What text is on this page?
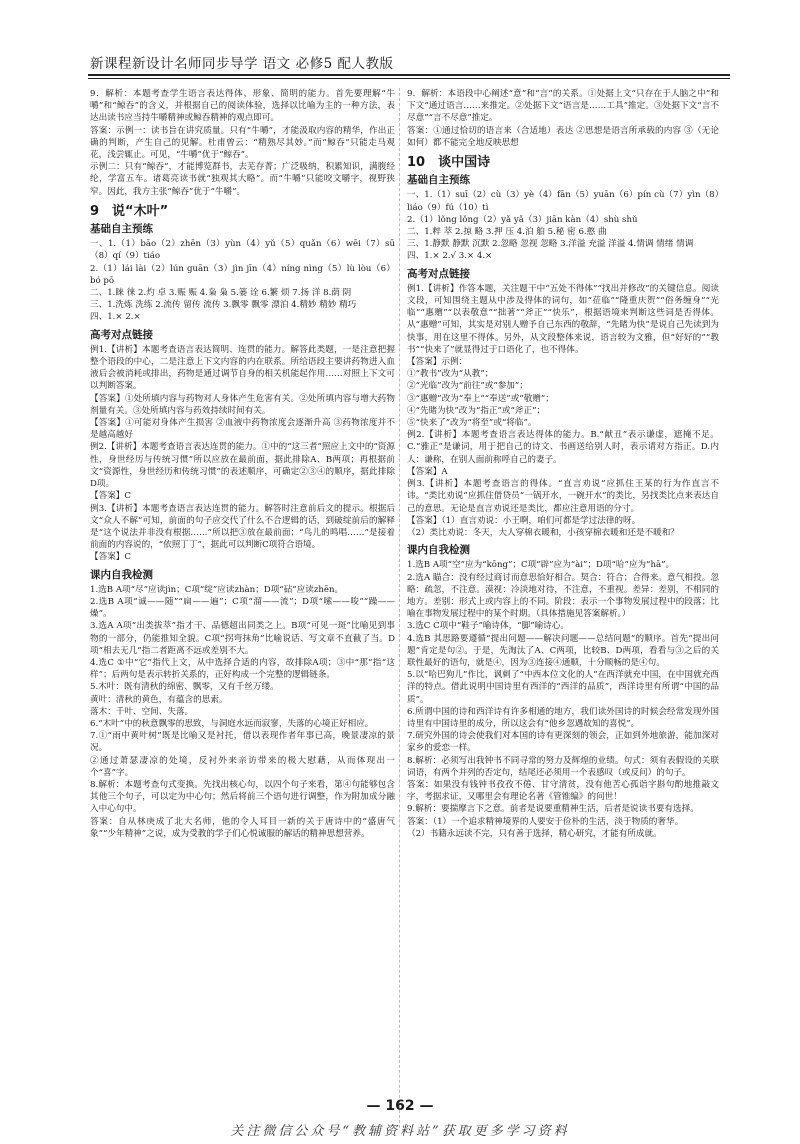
新课程新设计名师同步导学 语文 必修5 配人教版

9．解析：本题考查学生语言表达得体、形象、简明的能力。首先要理解“牛嚼”和“鲸吞”的含义，并根据自己的阅读体验，选择以比喻为主的一种方法，表达出读书应当持牛嚼精神或鲸吞精神的观点即可。

答案：示例一：读书旨在讲究质量。只有“牛嚼”，才能汲取内容的精华，作出正确的判断，产生自己的见解。杜甫曾云：“精熟尽其妙。”而“鲸吞”只能走马观花，浅尝辄止。可见，“牛嚼”优于“鲸吞”。

示例二：只有“鲸吞”，才能博览群书，去芜存菁；广泛吸纳，积累知识，满腹经纶，学富五车。诸葛亮读书就“独观其大略”。而“牛嚼”只能咬文嚼字，视野狭窄。因此，我方主张“鲸吞”优于“牛嚼”。

9　说“木叶”

基础自主预练

一、1.（1）bāo（2）zhēn（3）yùn（4）yǔ（5）quǎn（6）wēi（7）sū（8）qí（9）tiáo

2.（1）lái lài（2）lún guān（3）jìn jīn（4）níng nìng（5）lù lòu（6）bó pō

二、1.睐 徕 2.灼 卓 3.赈 赈 4.枭 枭 5.篓 诠 6.繁 烦 7.扬 洋 8.荫 阴

三、1.洗炼 洗练 2.流传 留传 流传 3.飘零 飘零 漂泊 4.精妙 精妙 精巧

四、1.× 2.×

高考对点链接

例1.【讲析】本题考查语言表达简明、连贯的能力。解答此类题，一是注意把握整个语段的中心，二是注意上下文内容的内在联系。所给语段主要讲药物进入血液后会被消耗或排出，药物是通过调节自身的相关机能起作用……对照上下文可以判断答案。

【答案】①处所填内容与药物对人身体产生危害有关。②处所填内容与增大药物剂量有关。③处所填内容与药效持续时间有关。

【答案】①可能对身体产生损害 ②血液中药物浓度会逐渐升高 ③药物浓度并不是越高越好

例2.【讲析】本题考查语言表达连贯的能力。①中的“这三者”照应上文中的“资源性，身世经历与传统习惯”所以应放在最前面，据此排除A、B两项；再根据前文“资源性，身世经历和传统习惯”的表述顺序，可确定②③④的顺序，据此排除D项。

【答案】C

例3.【讲析】本题考查语言表达连贯的能力。解答时注意前后文的提示。根据后文“众人不解”可知，前面的句子应交代了什么不合逻辑的话，到破绽前后的解释是“这个说法并非没有根据……”所以把③放在最前面；“鸟儿的鸣唱……”是接着前面的内容说的，“依照丁丁”，据此可以判断C项符合语境。

【答案】C

课内自我检测

1.选B A项“尽”应读jìn；C项“绽”应读zhàn；D项“砧”应读zhēn。

2.选B A项“诚——随”“扁——遍”；C项“溜——流”；D项“嗦——唆”“躁——燥”。

3.选A A项“出类拔萃”指才干、品德超出同类之上。B项“可见一斑”比喻见到事物的一部分，仍能推知全貌。C项“拐弯抹角”比喻说话、写文章不直截了当。D项“相去无几”指二者距离不远或差别不大。

4.选C ①中“它”指代上文，从中选择合适的内容，故排除A项；③中“那”指“这样”；后两句是表示转折关系的，正好构成一个完整的逻辑链条。

5.木叶：既有清秋的绵密、飘零，又有千丝万缕。

黄叶：清秋的黄色，有蕴含的思索。

落木：千叶、空间、失落。

6.“木叶”中的秋意飘零的思致，与洞庭水远而寂寥，失落的心境正好相应。

7.①“雨中黄叶树”既是比喻又是衬托，借以表现作者年事已高，晚景凄凉的景况。

②通过萧瑟凄凉的处境，反衬外来亲访带来的极大慰藉，从而体现出一个“喜”字。

8.解析：本题考查句式变换。先找出核心句，以四个句子来看，第④句能够包含其他三个句子，可以定为中心句；然后将前三个语句进行调整，作为附加成分融入中心句中。

答案：自从林庚成了北大名师，他的令人耳目一新的关于唐诗中的“盛唐气象”“少年精神”之说，成为受教的学子们心悦诚服的解话的精神思想营养。

9．解析：本语段中心阐述“意”和“言”的关系。①处据上文“只存在于人脑之中”和下文“通过语言……来推定。②处据下文“语言是……工具”推定。③处据下文“言不尽意”“言不尽意”推定。

答案：①通过恰切的语言来（合适地）表达 ②思想是语言所承载的内容 ③（无论如何）都不能完全地反映思想

10　谈中国诗

基础自主预练

一、1.（1）suī（2）cù（3）yè（4）fān（5）yuān（6）pín cù（7）yìn（8）liáo（9）fú（10）tì

2.（1）lǒng lǒng（2）yǎ yǎ（3）jiān kàn（4）shù shǔ

二、1.粹 萃 2.掠 略 3.押 压 4.泊 舶 5.秘 密 6.憨 曲

三、1.静默 静默 沉默 2.忽略 忽视 忽略 3.洋溢 充溢 洋溢 4.情调 情绪 情调

四、1.× 2.√ 3.× 4.×

高考对点链接

例1.【讲析】作答本题，关注题干中“五处不得体”“找出并修改”的关键信息。阅读文段，可知围绕主题从中涉及得体的词句，如“莅临”“隆重庆贺”“俗务缠身”“光临”“惠赠”“以表敬意”“拙著”“斧正”“快乐”，根据语境来判断这些词是否得体。从“惠赠”可知，其实是对别人赠予自己东西的敬辞，“先睹为快”是说自己先读到为快事，用在这里不得体。另外，从文段整体来说，语言较为文雅，但“好好的”“教书”“快来了”就显得过于口语化了，也不得体。

【答案】示例：

①“教书”改为“从教”；

②“光临”改为“前往”或“参加”；

③“惠赠”改为“奉上”“奉送”或“敬赠”；

④“先睹为快”改为“指正”或“斧正”；

⑤“快来了”改为“将至”或“将临”。

例2.【讲析】本题考查语言表达得体的能力。B.“献丑”表示谦虚，遮掩不足。C.“雅正”是谦词，用于把自己的诗文、书画送给别人时，表示请对方指正。D.内人：谦称，在别人面前称呼自己的妻子。

【答案】A

例3.【讲析】本题考查语言的得体。“直言劝说”应抓住王某的行为作直言不讳。“类比劝说”应抓住借贷员“一锅开水，一碗开水”的类比，另找类比点来表达自己的意思。无论是直言劝说还是类比，都应注意用语的分寸。

【答案】（1）直言劝说：小王啊，咱们可都是学过法律的呀。

（2）类比劝说：冬天，大人穿棉衣暖和，小孩穿棉衣暖和还是不暖和？

课内自我检测

1.选B A项“空”应为“kōng”；C项“辟”应为“ài”；D项“哈”应为“hā”。

2.选A 瞄合：没有经过商讨而意思恰好相合。契合：符合；合得来。意气相投。忽略：疏忽，不注意。漠视：冷淡地对待，不注意，不重视。差异：差别，不相同的地方。差别：形式上或内容上的不同。阶段：表示一个事物发展过程中的段落；比喻在事物发展过程中的某个时期。（具体措施见答案解析。）

3.选C C项中“鞋子”喻诗体，“脚”喻诗心。

4.选B 其思路要遵循“提出问题——解决问题——总结问题”的顺序。首先“提出问题”肯定是句②。于是，先淘汰了A、C两项，比较B、D两项，看看与③之后的关联性最好的语句，就是④，因为③连接④通顺，十分顺畅的是④句。

5.以“哈巴狗儿”作比，讽刺了“中西本位文化的人”在西洋就充中国，在中国就充西洋的特点。借此说明中国诗里有西洋的“西洋的品质”，西洋诗里有所谓“中国的品质”。

6.所谓中国的诗和西洋诗有许多相通的地方，我们读外国诗的时候会经常发现外国诗里有中国诗里的成分，所以这会有“他乡忽遇故知的喜悦”。

7.研究外国的诗会使我们对本国的诗有更深刻的领会，正如到外地旅游，能加深对家乡的爱恋一样。

8.解析：必须写出我钟书不同寻常的努力及辉煌的业绩。句式：须有表假设的关联词语，有两个并列的否定句，结尾还必须用一个表感叹（或反问）的句子。

答案：如果没有钱钟书孜孜不倦、甘守清贫，没有他苦心孤诣字斟句酌地推敲文字，考据求证，又哪里会有理论名著《管锥编》的问世！

9.解析：要揣摩言下之意。前者是说要重精神生活，后者是说读书要有选择。

答案：（1）一个追求精神境界的人要安于俭朴的生活，淡于物质的奢华。

（2）书籍永远读不完，只有善于选择，精心研究，才能有所成就。

— 162 —
关注微信公众号“教辅资料站”获取更多学习资料
